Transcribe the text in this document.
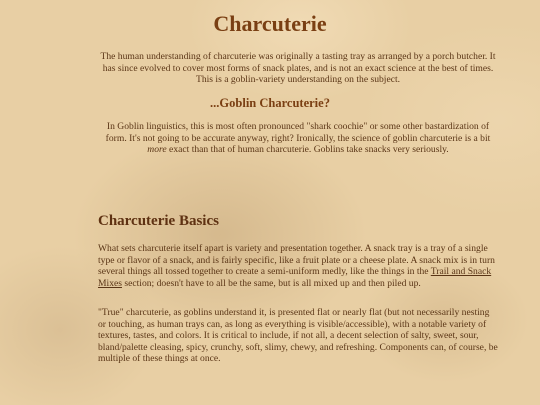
Charcuterie

The human understanding of charcuterie was originally a tasting tray as arranged by a porch butcher. It has since evolved to cover most forms of snack plates, and is not an exact science at the best of times. This is a goblin-variety understanding on the subject.

...Goblin Charcuterie?

In Goblin linguistics, this is most often pronounced "shark coochie" or some other bastardization of form. It's not going to be accurate anyway, right? Ironically, the science of goblin charcuterie is a bit more exact than that of human charcuterie. Goblins take snacks very seriously.

Charcuterie Basics

What sets charcuterie itself apart is variety and presentation together. A snack tray is a tray of a single type or flavor of a snack, and is fairly specific, like a fruit plate or a cheese plate. A snack mix is in turn several things all tossed together to create a semi-uniform medly, like the things in the Trail and Snack Mixes section; doesn't have to all be the same, but is all mixed up and then piled up.

"True" charcuterie, as goblins understand it, is presented flat or nearly flat (but not necessarily nesting or touching, as human trays can, as long as everything is visible/accessible), with a notable variety of textures, tastes, and colors. It is critical to include, if not all, a decent selection of salty, sweet, sour, bland/palette cleasing, spicy, crunchy, soft, slimy, chewy, and refreshing. Components can, of course, be multiple of these things at once.
